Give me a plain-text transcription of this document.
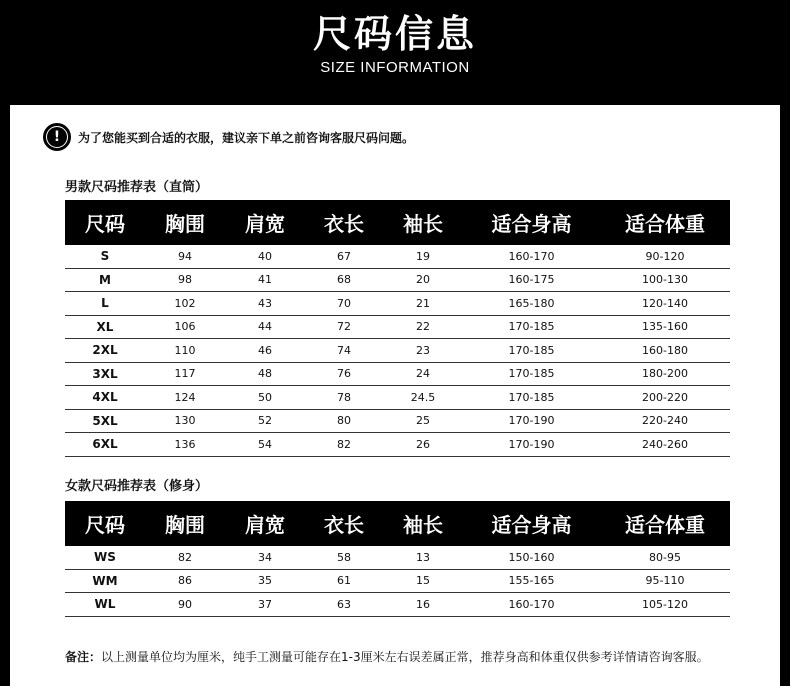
尺码信息
SIZE INFORMATION
!	为了您能买到合适的衣服，建议亲下单之前咨询客服尺码问题。
男款尺码推荐表（直筒）
尺码	胸围	肩宽	衣长	袖长	适合身高	适合体重
S	94	40	67	19	160-170	90-120
M	98	41	68	20	160-175	100-130
L	102	43	70	21	165-180	120-140
XL	106	44	72	22	170-185	135-160
2XL	110	46	74	23	170-185	160-180
3XL	117	48	76	24	170-185	180-200
4XL	124	50	78	24.5	170-185	200-220
5XL	130	52	80	25	170-190	220-240
6XL	136	54	82	26	170-190	240-260
女款尺码推荐表（修身）
尺码	胸围	肩宽	衣长	袖长	适合身高	适合体重
WS	82	34	58	13	150-160	80-95
WM	86	35	61	15	155-165	95-110
WL	90	37	63	16	160-170	105-120
备注：以上测量单位均为厘米，纯手工测量可能存在1-3厘米左右误差属正常，推荐身高和体重仅供参考详情请咨询客服。
